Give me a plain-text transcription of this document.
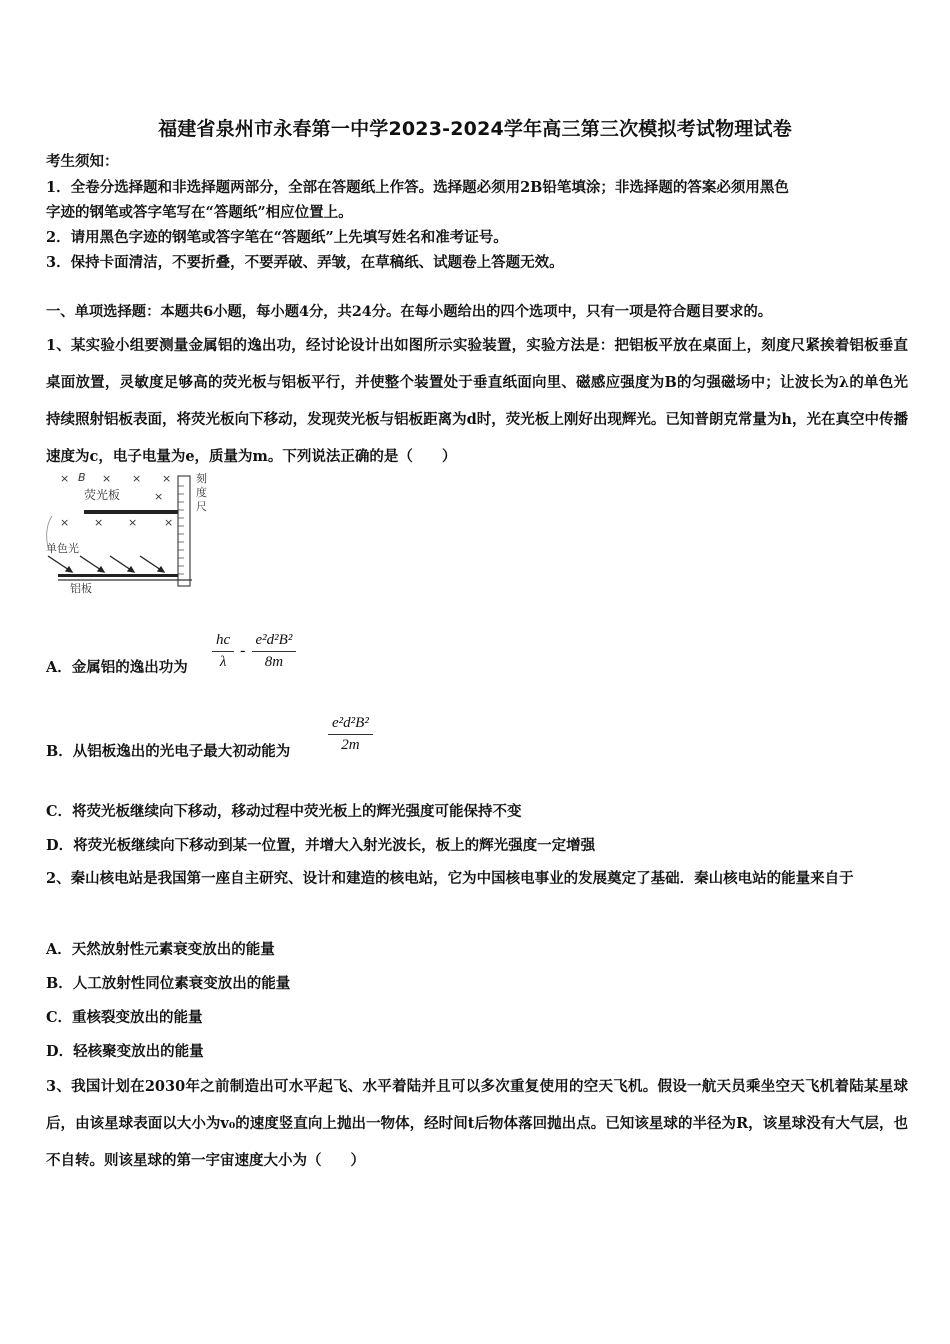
福建省泉州市永春第一中学2023-2024学年高三第三次模拟考试物理试卷
考生须知：
1．全卷分选择题和非选择题两部分，全部在答题纸上作答。选择题必须用2B铅笔填涂；非选择题的答案必须用黑色
字迹的钢笔或答字笔写在“答题纸”相应位置上。
2．请用黑色字迹的钢笔或答字笔在“答题纸”上先填写姓名和准考证号。
3．保持卡面清洁，不要折叠，不要弄破、弄皱，在草稿纸、试题卷上答题无效。
一、单项选择题：本题共6小题，每小题4分，共24分。在每小题给出的四个选项中，只有一项是符合题目要求的。
1、某实验小组要测量金属铝的逸出功，经讨论设计出如图所示实验装置，实验方法是：把铝板平放在桌面上，刻度尺紧挨着铝板垂直桌面放置，灵敏度足够高的荧光板与铝板平行，并使整个装置处于垂直纸面向里、磁感应强度为B的匀强磁场中；让波长为λ的单色光持续照射铝板表面，将荧光板向下移动，发现荧光板与铝板距离为d时，荧光板上刚好出现辉光。已知普朗克常量为h，光在真空中传播速度为c，电子电量为e，质量为m。下列说法正确的是（　　）
× B × × ×
荧光板	×
× × × ×
单色光
铝板
刻
度
尺
A．金属铝的逸出功为 $\frac{hc}{\lambda} - \frac{\text{e²d²B²}}{8m}$
B．从铝板逸出的光电子最大初动能为	$\frac{\text{e²d²B²}}{2m}$
C．将荧光板继续向下移动，移动过程中荧光板上的辉光强度可能保持不变
D．将荧光板继续向下移动到某一位置，并增大入射光波长，板上的辉光强度一定增强
2、秦山核电站是我国第一座自主研究、设计和建造的核电站，它为中国核电事业的发展奠定了基础．秦山核电站的能量来自于
A．天然放射性元素衰变放出的能量
B．人工放射性同位素衰变放出的能量
C．重核裂变放出的能量
D．轻核聚变放出的能量
3、我国计划在2030年之前制造出可水平起飞、水平着陆并且可以多次重复使用的空天飞机。假设一航天员乘坐空天飞机着陆某星球后，由该星球表面以大小为v₀的速度竖直向上抛出一物体，经时间t后物体落回抛出点。已知该星球的半径为R，该星球没有大气层，也不自转。则该星球的第一宇宙速度大小为（　　）
